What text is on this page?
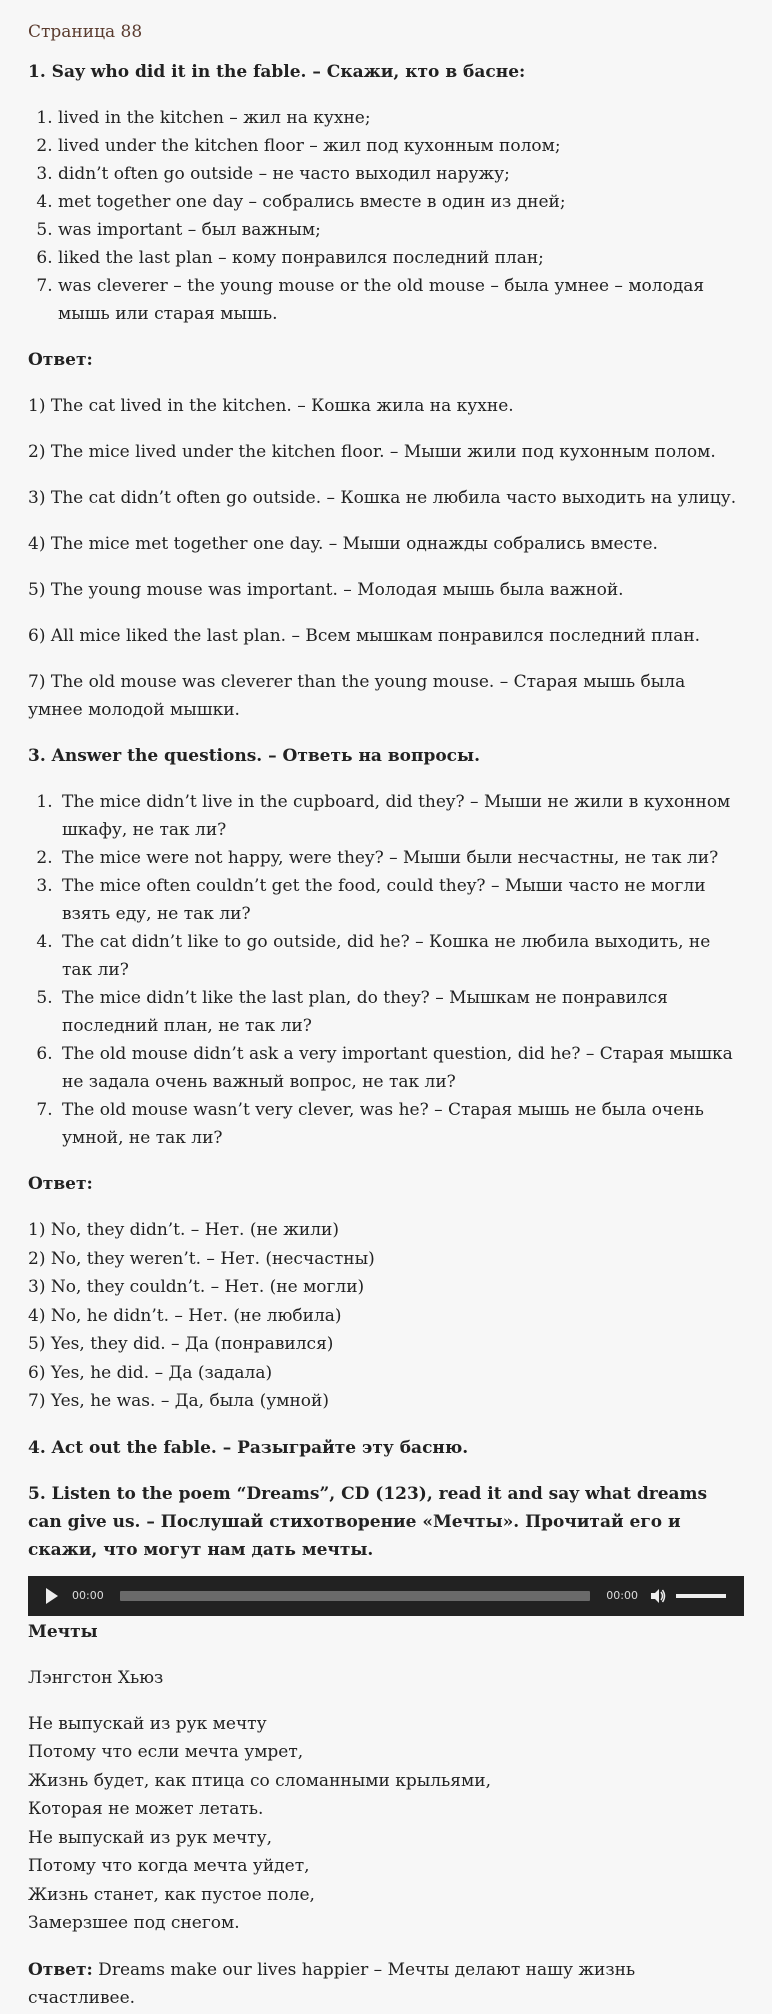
Страница 88

1. Say who did it in the fable. – Скажи, кто в басне:

1. lived in the kitchen – жил на кухне;
2. lived under the kitchen floor – жил под кухонным полом;
3. didn’t often go outside – не часто выходил наружу;
4. met together one day – собрались вместе в один из дней;
5. was important – был важным;
6. liked the last plan – кому понравился последний план;
7. was cleverer – the young mouse or the old mouse – была умнее – молодая мышь или старая мышь.

Ответ:

1) The cat lived in the kitchen. – Кошка жила на кухне.

2) The mice lived under the kitchen floor. – Мыши жили под кухонным полом.

3) The cat didn’t often go outside. – Кошка не любила часто выходить на улицу.

4) The mice met together one day. – Мыши однажды собрались вместе.

5) The young mouse was important. – Молодая мышь была важной.

6) All mice liked the last plan. – Всем мышкам понравился последний план.

7) The old mouse was cleverer than the young mouse. – Старая мышь была умнее молодой мышки.

3. Answer the questions. – Ответь на вопросы.

1. The mice didn’t live in the cupboard, did they? – Мыши не жили в кухонном шкафу, не так ли?
2. The mice were not happy, were they? – Мыши были несчастны, не так ли?
3. The mice often couldn’t get the food, could they? – Мыши часто не могли взять еду, не так ли?
4. The cat didn’t like to go outside, did he? – Кошка не любила выходить, не так ли?
5. The mice didn’t like the last plan, do they? – Мышкам не понравился последний план, не так ли?
6. The old mouse didn’t ask a very important question, did he? – Старая мышка не задала очень важный вопрос, не так ли?
7. The old mouse wasn’t very clever, was he? – Старая мышь не была очень умной, не так ли?

Ответ:

1) No, they didn’t. – Нет. (не жили)
2) No, they weren’t. – Нет. (несчастны)
3) No, they couldn’t. – Нет. (не могли)
4) No, he didn’t. – Нет. (не любила)
5) Yes, they did. – Да (понравился)
6) Yes, he did. – Да (задала)
7) Yes, he was. – Да, была (умной)

4. Act out the fable. – Разыграйте эту басню.

5. Listen to the poem “Dreams”, CD (123), read it and say what dreams can give us. – Послушай стихотворение «Мечты». Прочитай его и скажи, что могут нам дать мечты.

00:00	00:00
Мечты

Лэнгстон Хьюз

Не выпускай из рук мечту
Потому что если мечта умрет,
Жизнь будет, как птица со сломанными крыльями,
Которая не может летать.
Не выпускай из рук мечту,
Потому что когда мечта уйдет,
Жизнь станет, как пустое поле,
Замерзшее под снегом.

Ответ: Dreams make our lives happier – Мечты делают нашу жизнь счастливее.
